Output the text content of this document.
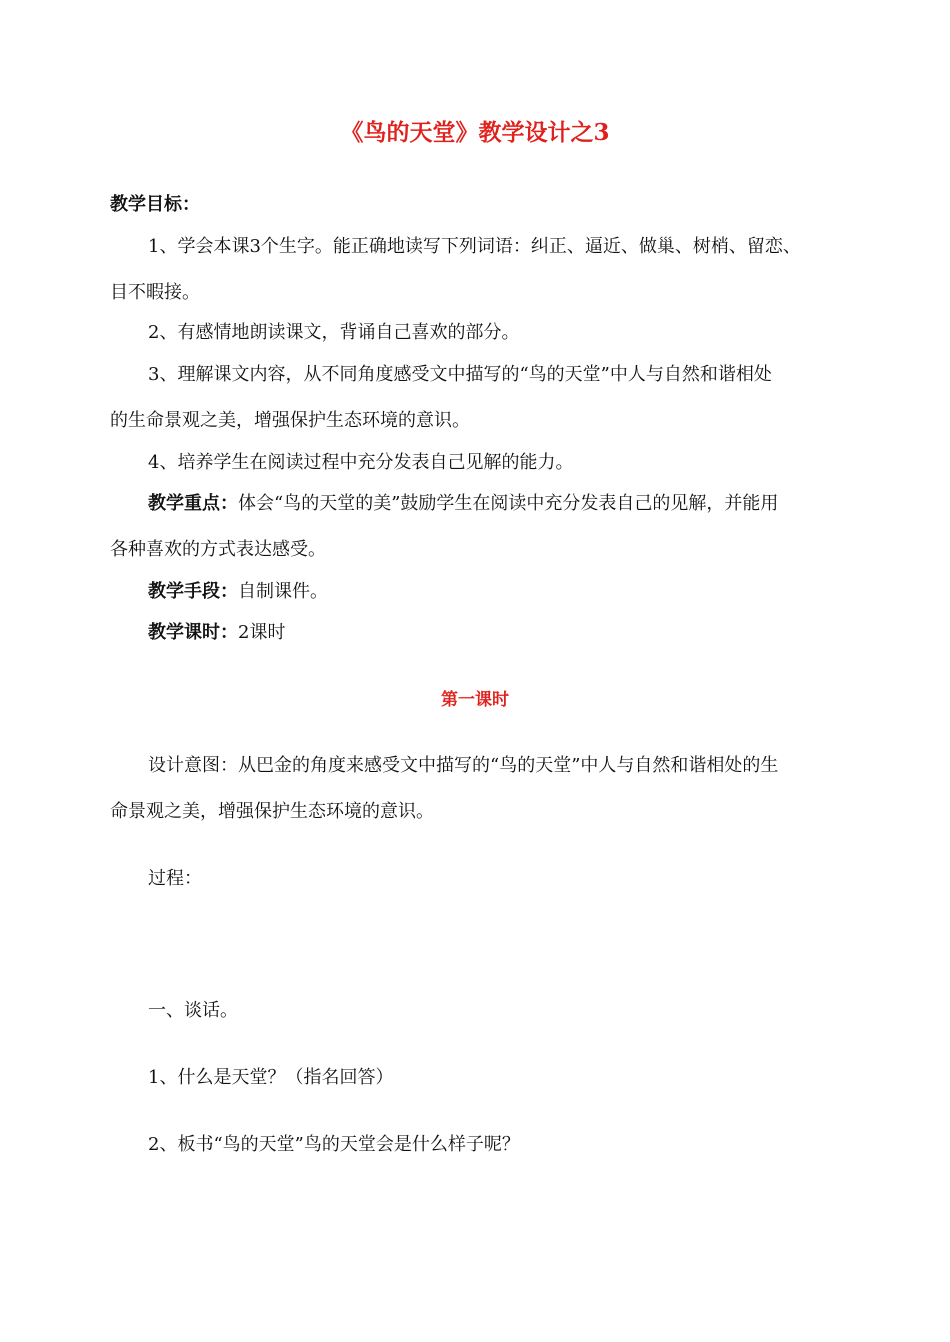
《鸟的天堂》教学设计之3
教学目标：
1、学会本课3个生字。能正确地读写下列词语：纠正、逼近、做巢、树梢、留恋、
目不暇接。
2、有感情地朗读课文，背诵自己喜欢的部分。
3、理解课文内容，从不同角度感受文中描写的“鸟的天堂”中人与自然和谐相处
的生命景观之美，增强保护生态环境的意识。
4、培养学生在阅读过程中充分发表自己见解的能力。
教学重点：体会“鸟的天堂的美”鼓励学生在阅读中充分发表自己的见解，并能用
各种喜欢的方式表达感受。
教学手段：自制课件。
教学课时：2课时
第一课时
设计意图：从巴金的角度来感受文中描写的“鸟的天堂”中人与自然和谐相处的生
命景观之美，增强保护生态环境的意识。
过程：
一、谈话。
1、什么是天堂？（指名回答）
2、板书“鸟的天堂”鸟的天堂会是什么样子呢？
